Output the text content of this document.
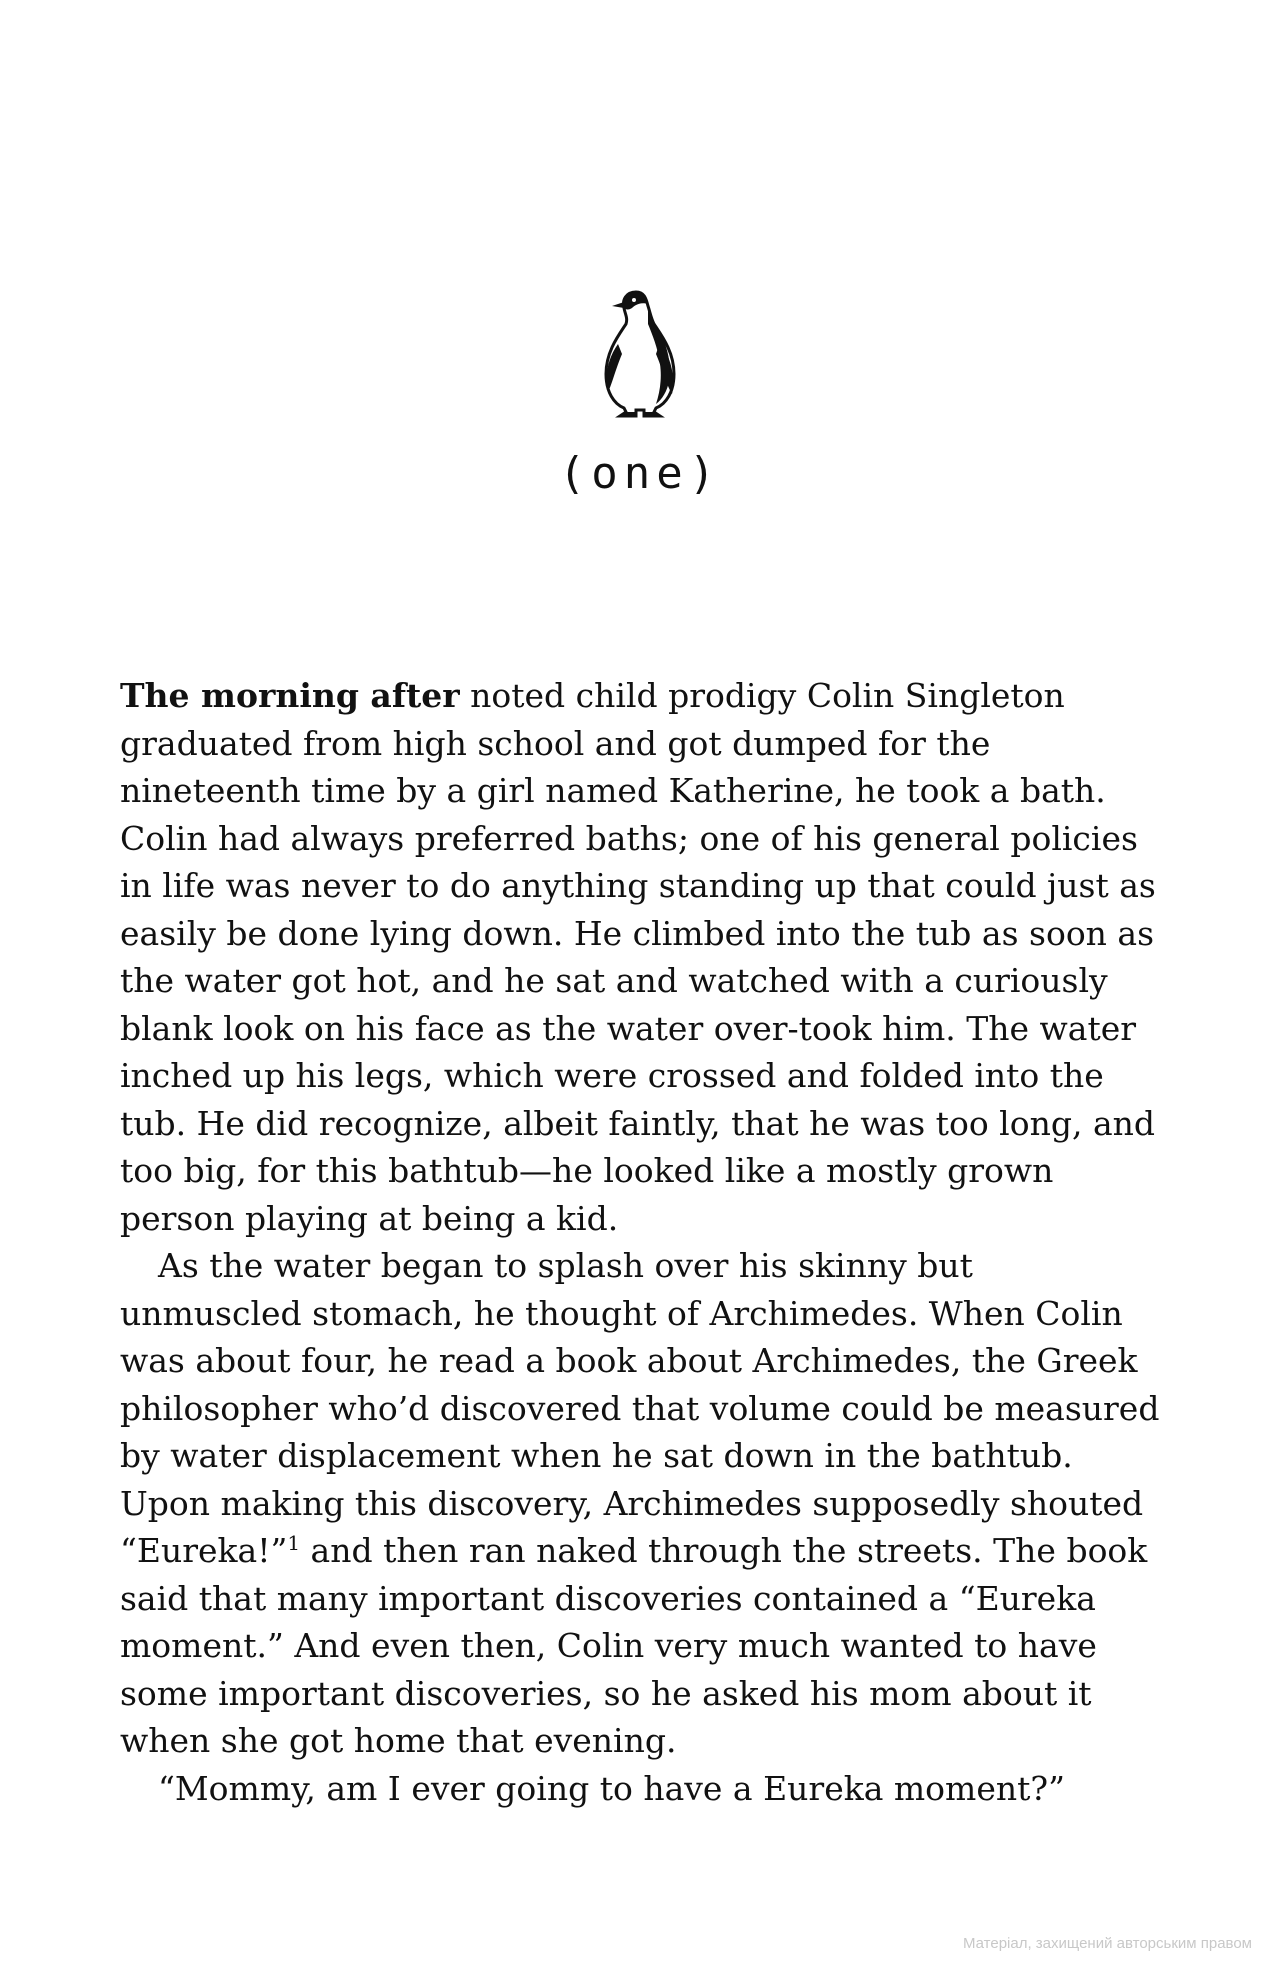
(one)

The morning after noted child prodigy Colin Singleton graduated from high school and got dumped for the nineteenth time by a girl named Katherine, he took a bath. Colin had always preferred baths; one of his general policies in life was never to do anything standing up that could just as easily be done lying down. He climbed into the tub as soon as the water got hot, and he sat and watched with a curiously blank look on his face as the water over-took him. The water inched up his legs, which were crossed and folded into the tub. He did recognize, albeit faintly, that he was too long, and too big, for this bathtub—he looked like a mostly grown person playing at being a kid.

As the water began to splash over his skinny but unmuscled stomach, he thought of Archimedes. When Colin was about four, he read a book about Archimedes, the Greek philosopher who’d discovered that volume could be measured by water displacement when he sat down in the bathtub. Upon making this discovery, Archimedes supposedly shouted “Eureka!”$^1$ and then ran naked through the streets. The book said that many important discoveries contained a “Eureka moment.” And even then, Colin very much wanted to have some important discoveries, so he asked his mom about it when she got home that evening.

“Mommy, am I ever going to have a Eureka moment?”

Матеріал, захищений авторським правом
